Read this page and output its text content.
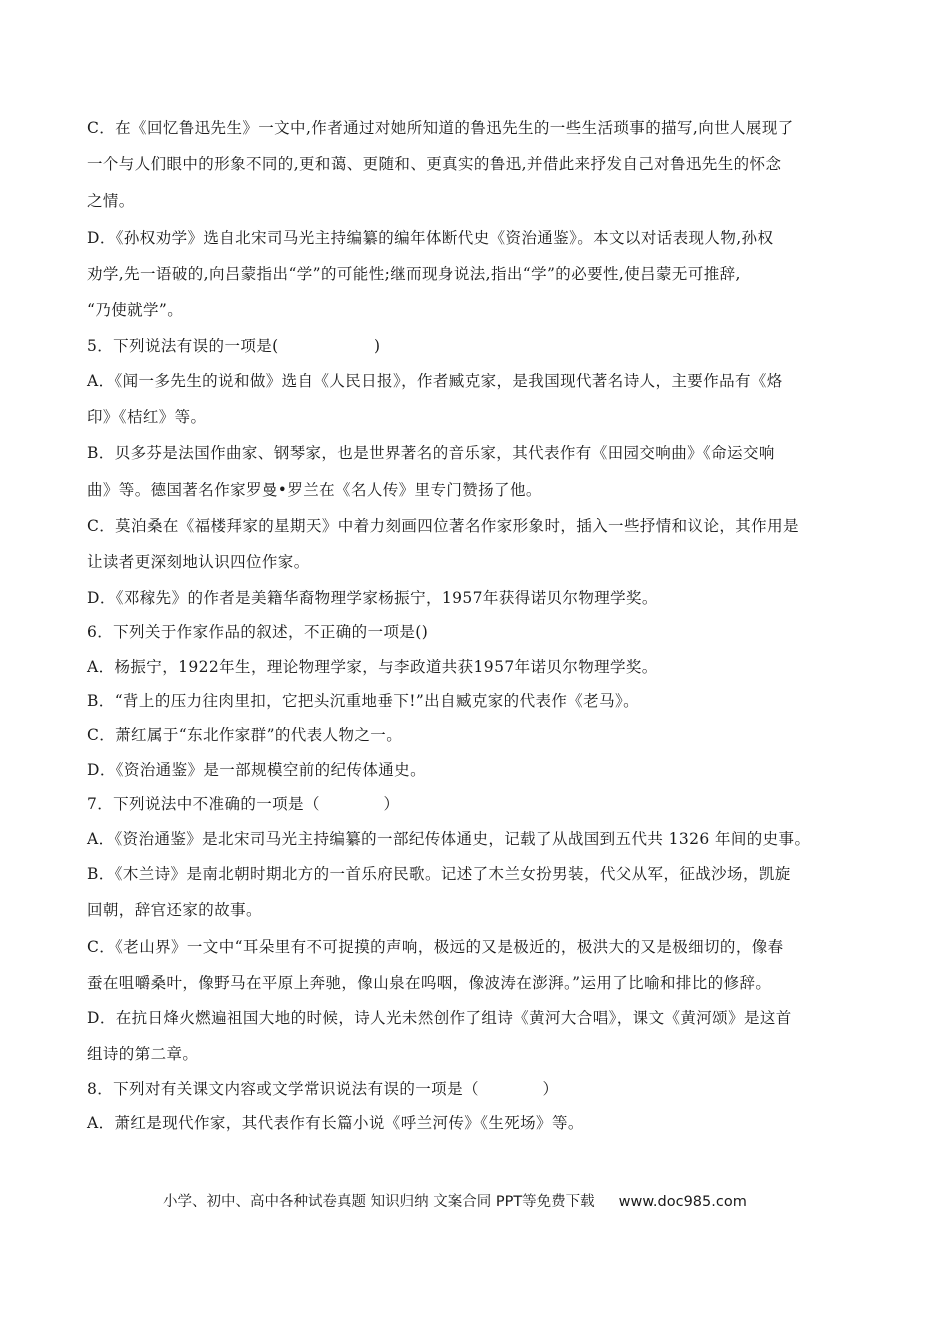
C．在《回忆鲁迅先生》一文中,作者通过对她所知道的鲁迅先生的一些生活琐事的描写,向世人展现了
一个与人们眼中的形象不同的,更和蔼、更随和、更真实的鲁迅,并借此来抒发自己对鲁迅先生的怀念
之情。
D．《孙权劝学》选自北宋司马光主持编纂的编年体断代史《资治通鉴》。本文以对话表现人物,孙权
劝学,先一语破的,向吕蒙指出“学”的可能性;继而现身说法,指出“学”的必要性,使吕蒙无可推辞,
“乃使就学”。
5．下列说法有误的一项是(　　　　　　)
A．《闻一多先生的说和做》选自《人民日报》，作者臧克家，是我国现代著名诗人，主要作品有《烙
印》《桔红》等。
B．贝多芬是法国作曲家、钢琴家，也是世界著名的音乐家，其代表作有《田园交响曲》《命运交响
曲》等。德国著名作家罗曼•罗兰在《名人传》里专门赞扬了他。
C．莫泊桑在《福楼拜家的星期天》中着力刻画四位著名作家形象时，插入一些抒情和议论，其作用是
让读者更深刻地认识四位作家。
D．《邓稼先》的作者是美籍华裔物理学家杨振宁，1957年获得诺贝尔物理学奖。
6．下列关于作家作品的叙述，不正确的一项是()
A．杨振宁，1922年生，理论物理学家，与李政道共获1957年诺贝尔物理学奖。
B．“背上的压力往肉里扣，它把头沉重地垂下!”出自臧克家的代表作《老马》。
C．萧红属于“东北作家群”的代表人物之一。
D．《资治通鉴》是一部规模空前的纪传体通史。
7．下列说法中不准确的一项是（　　　　）
A．《资治通鉴》是北宋司马光主持编纂的一部纪传体通史，记载了从战国到五代共 1326 年间的史事。
B．《木兰诗》是南北朝时期北方的一首乐府民歌。记述了木兰女扮男装，代父从军，征战沙场，凯旋
回朝，辞官还家的故事。
C．《老山界》一文中“耳朵里有不可捉摸的声响，极远的又是极近的，极洪大的又是极细切的，像春
蚕在咀嚼桑叶，像野马在平原上奔驰，像山泉在呜咽，像波涛在澎湃。”运用了比喻和排比的修辞。
D．在抗日烽火燃遍祖国大地的时候，诗人光未然创作了组诗《黄河大合唱》，课文《黄河颂》是这首
组诗的第二章。
8．下列对有关课文内容或文学常识说法有误的一项是（　　　　）
A．萧红是现代作家，其代表作有长篇小说《呼兰河传》《生死场》等。
小学、初中、高中各种试卷真题 知识归纳 文案合同 PPT等免费下载 www.doc985.com
